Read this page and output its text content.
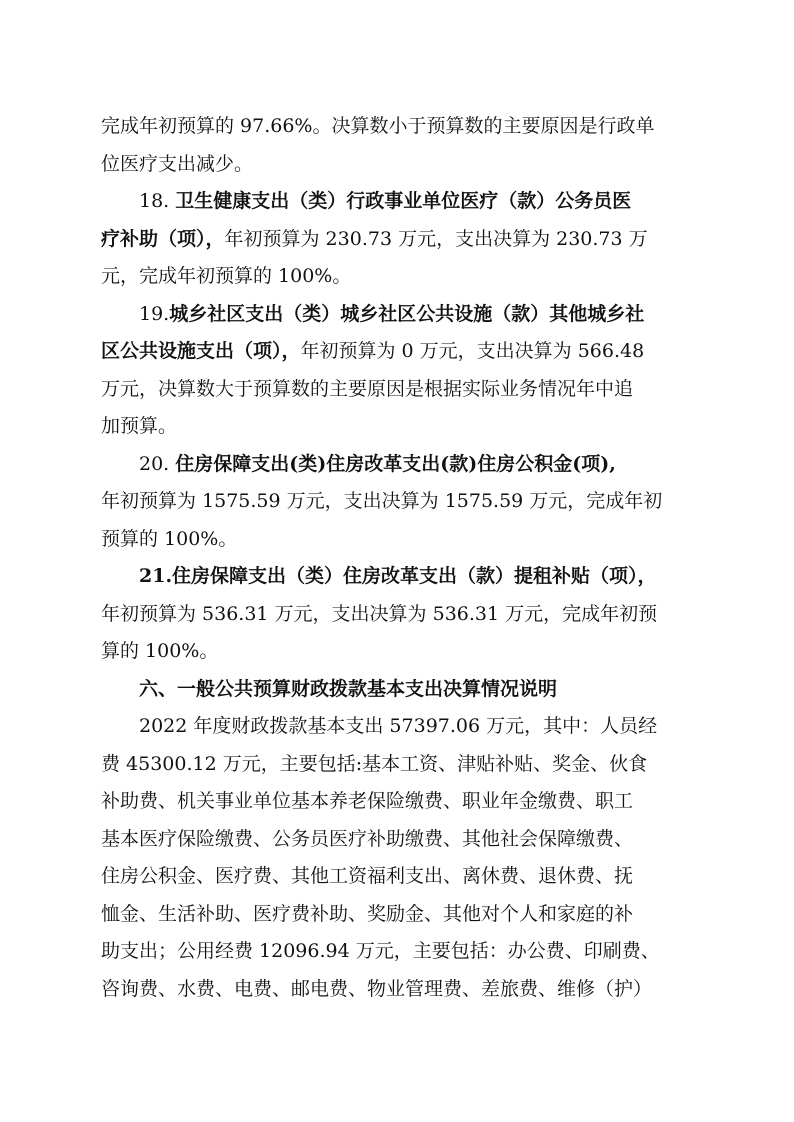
完成年初预算的 97.66%。决算数小于预算数的主要原因是行政单
位医疗支出减少。
18. 卫生健康支出（类）行政事业单位医疗（款）公务员医
疗补助（项），年初预算为 230.73 万元，支出决算为 230.73 万
元，完成年初预算的 100%。
19.城乡社区支出（类）城乡社区公共设施（款）其他城乡社
区公共设施支出（项），年初预算为 0 万元，支出决算为 566.48
万元，决算数大于预算数的主要原因是根据实际业务情况年中追
加预算。
20. 住房保障支出(类)住房改革支出(款)住房公积金(项),
年初预算为 1575.59 万元，支出决算为 1575.59 万元，完成年初
预算的 100%。
21.住房保障支出（类）住房改革支出（款）提租补贴（项），
年初预算为 536.31 万元，支出决算为 536.31 万元，完成年初预
算的 100%。
六、一般公共预算财政拨款基本支出决算情况说明
2022 年度财政拨款基本支出 57397.06 万元，其中：人员经
费 45300.12 万元，主要包括:基本工资、津贴补贴、奖金、伙食
补助费、机关事业单位基本养老保险缴费、职业年金缴费、职工
基本医疗保险缴费、公务员医疗补助缴费、其他社会保障缴费、
住房公积金、医疗费、其他工资福利支出、离休费、退休费、抚
恤金、生活补助、医疗费补助、奖励金、其他对个人和家庭的补
助支出；公用经费 12096.94 万元，主要包括：办公费、印刷费、
咨询费、水费、电费、邮电费、物业管理费、差旅费、维修（护）
